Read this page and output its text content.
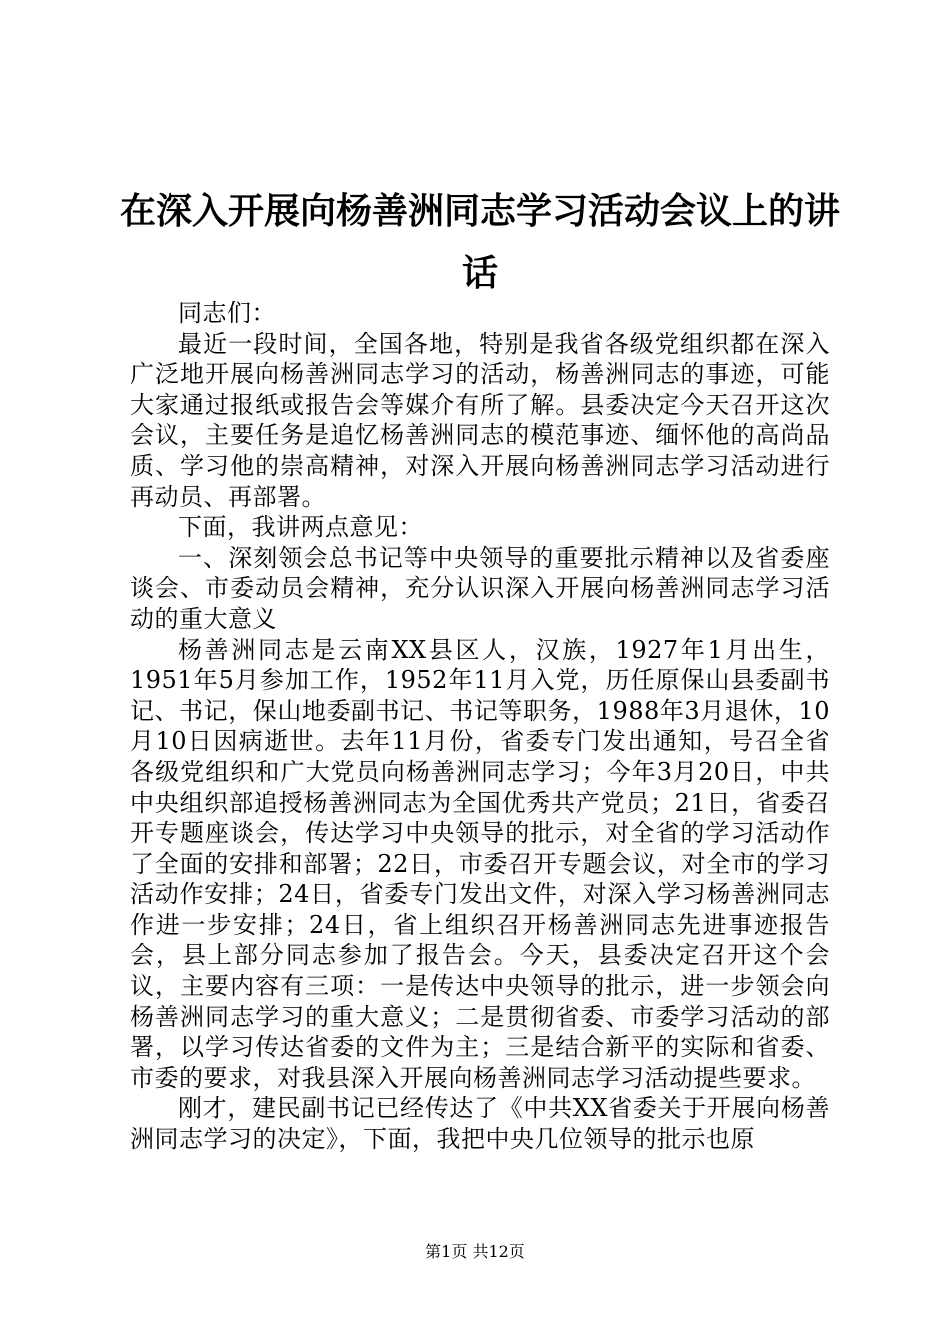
在深入开展向杨善洲同志学习活动会议上的讲话

同志们：

最近一段时间，全国各地，特别是我省各级党组织都在深入广泛地开展向杨善洲同志学习的活动，杨善洲同志的事迹，可能大家通过报纸或报告会等媒介有所了解。县委决定今天召开这次会议，主要任务是追忆杨善洲同志的模范事迹、缅怀他的高尚品质、学习他的崇高精神，对深入开展向杨善洲同志学习活动进行再动员、再部署。

下面，我讲两点意见：

一、深刻领会总书记等中央领导的重要批示精神以及省委座谈会、市委动员会精神，充分认识深入开展向杨善洲同志学习活动的重大意义

杨善洲同志是云南XX县区人，汉族，1927年1月出生，1951年5月参加工作，1952年11月入党，历任原保山县委副书记、书记，保山地委副书记、书记等职务，1988年3月退休，10月10日因病逝世。去年11月份，省委专门发出通知，号召全省各级党组织和广大党员向杨善洲同志学习；今年3月20日，中共中央组织部追授杨善洲同志为全国优秀共产党员；21日，省委召开专题座谈会，传达学习中央领导的批示，对全省的学习活动作了全面的安排和部署；22日，市委召开专题会议，对全市的学习活动作安排；24日，省委专门发出文件，对深入学习杨善洲同志作进一步安排；24日，省上组织召开杨善洲同志先进事迹报告会，县上部分同志参加了报告会。今天，县委决定召开这个会议，主要内容有三项：一是传达中央领导的批示，进一步领会向杨善洲同志学习的重大意义；二是贯彻省委、市委学习活动的部署，以学习传达省委的文件为主；三是结合新平的实际和省委、市委的要求，对我县深入开展向杨善洲同志学习活动提些要求。

刚才，建民副书记已经传达了《中共XX省委关于开展向杨善洲同志学习的决定》，下面，我把中央几位领导的批示也原

第1页 共12页
